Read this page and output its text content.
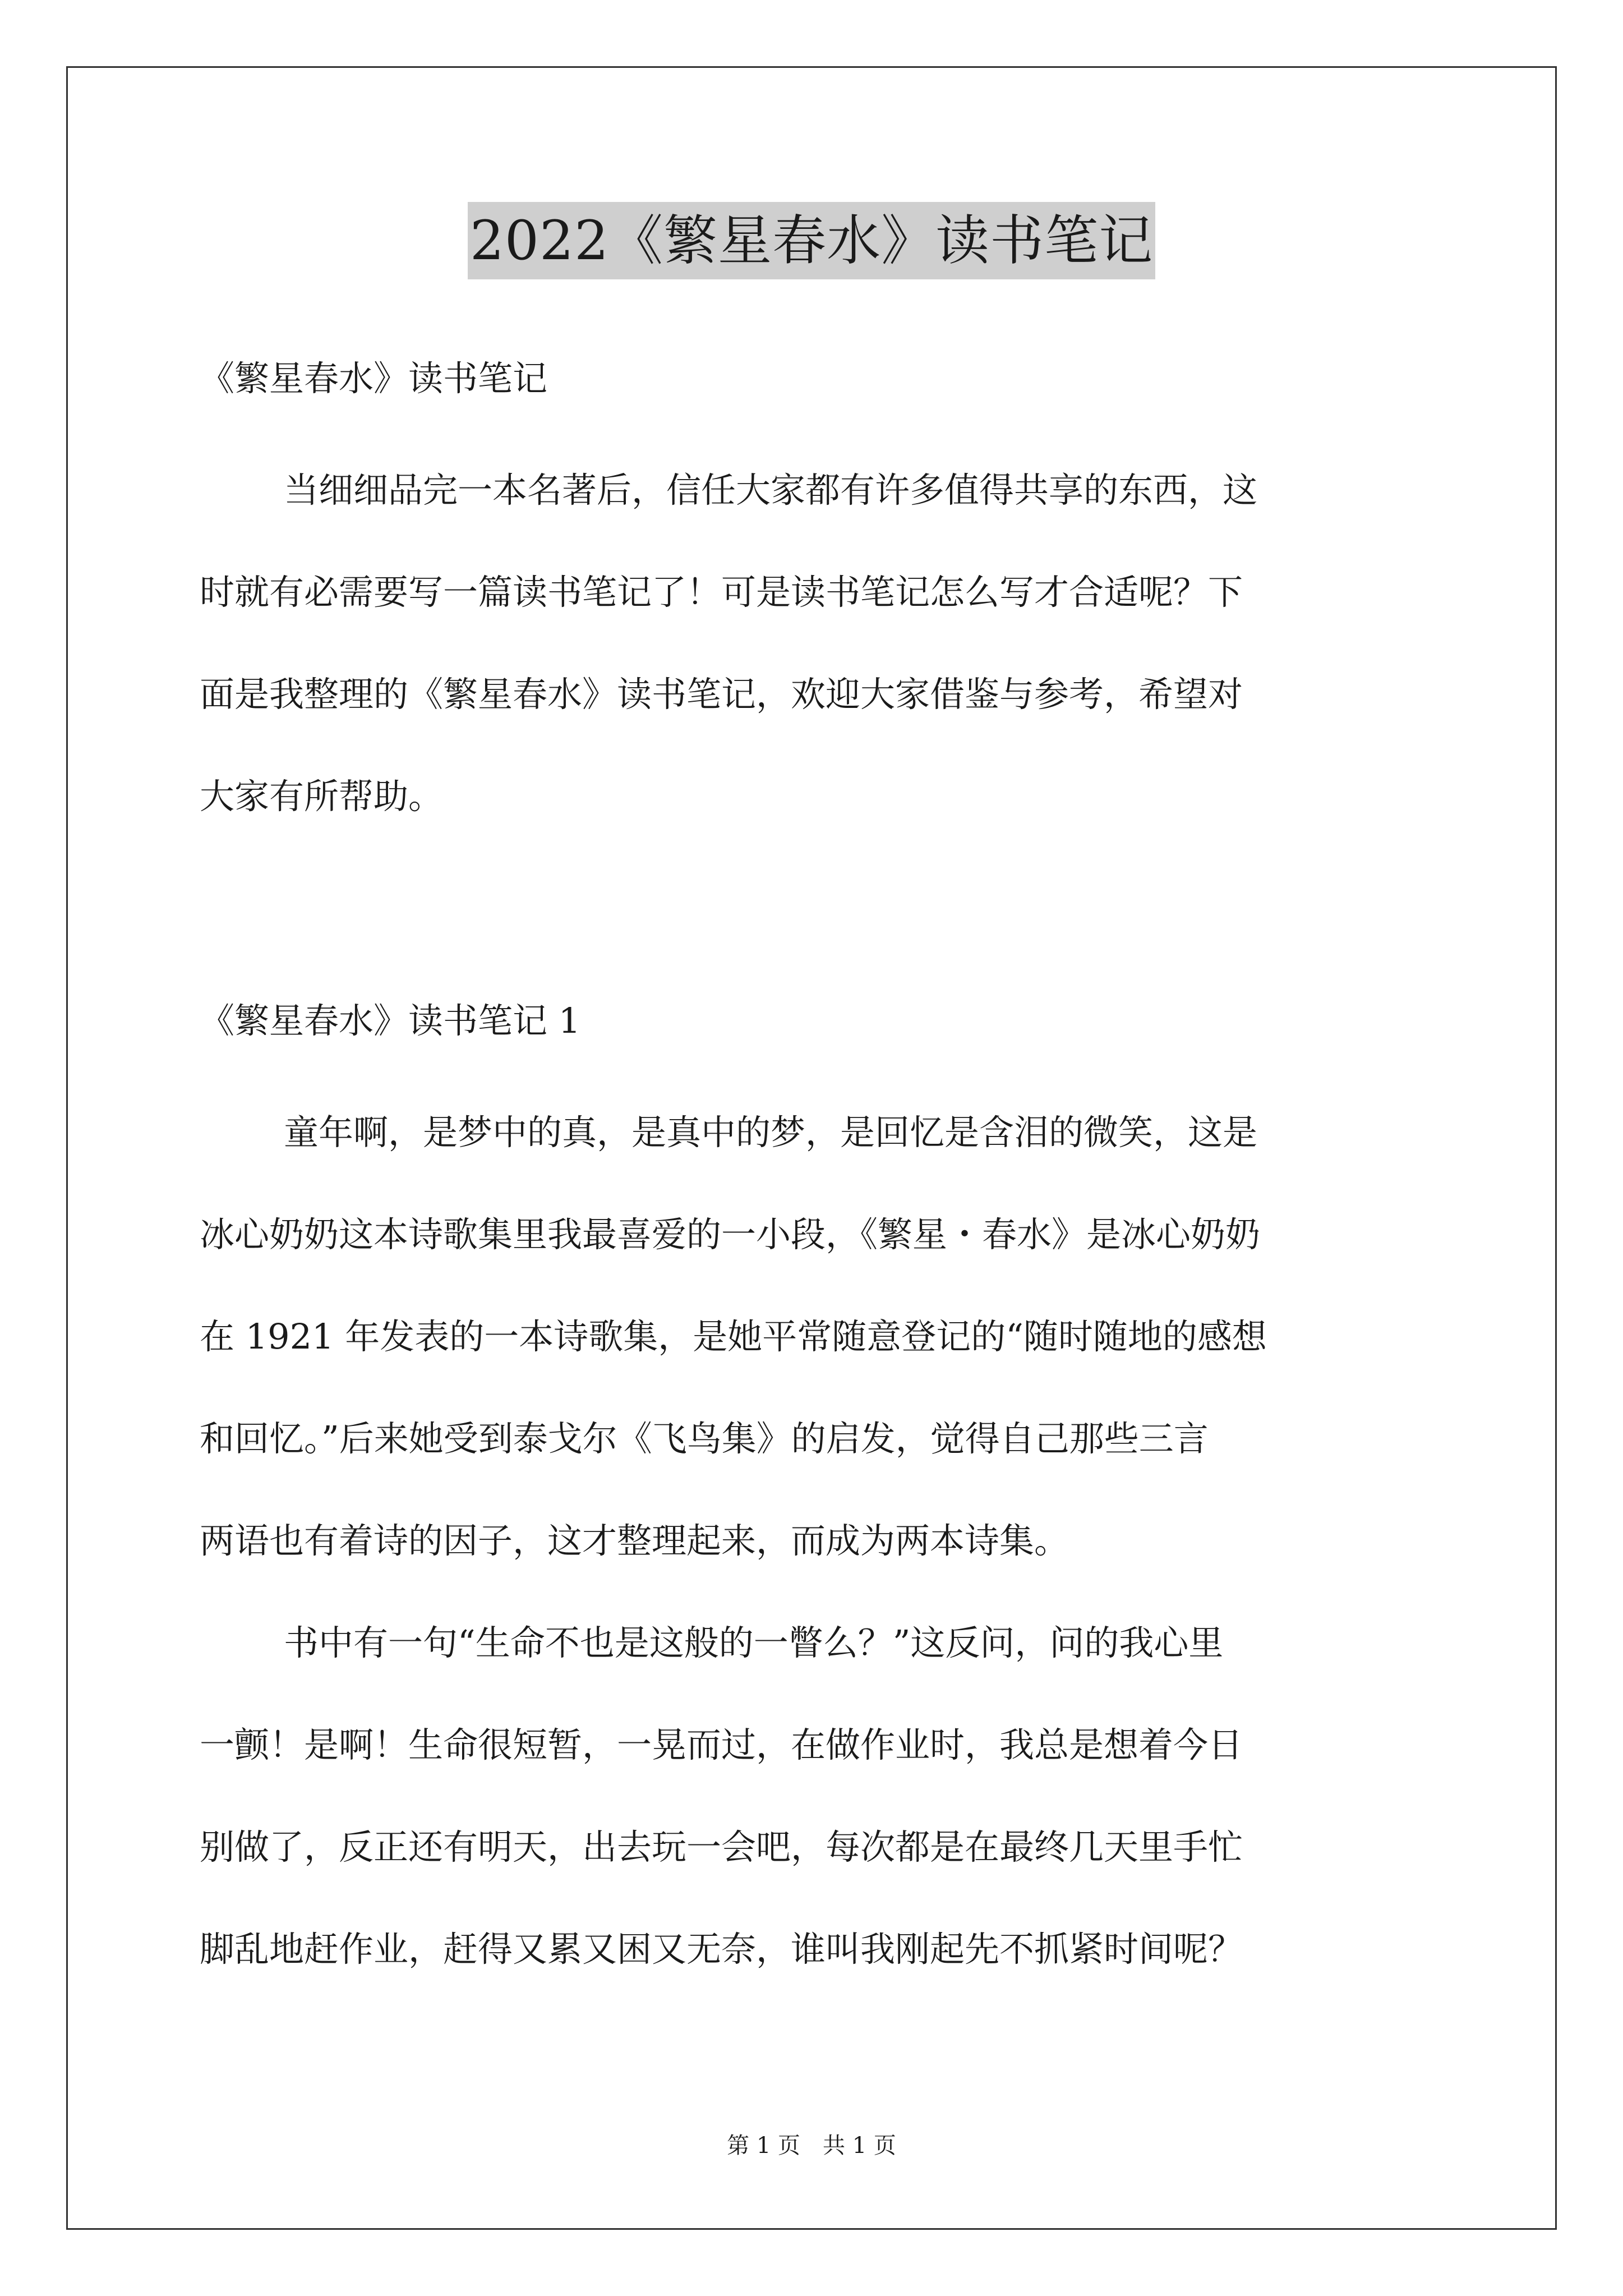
2022《繁星春水》读书笔记
《繁星春水》读书笔记
当细细品完一本名著后，信任大家都有许多值得共享的东西，这
时就有必需要写一篇读书笔记了！可是读书笔记怎么写才合适呢？下
面是我整理的《繁星春水》读书笔记，欢迎大家借鉴与参考，希望对
大家有所帮助。
《繁星春水》读书笔记 1
童年啊，是梦中的真，是真中的梦，是回忆是含泪的微笑，这是
冰心奶奶这本诗歌集里我最喜爱的一小段，《繁星・春水》是冰心奶奶
在 1921 年发表的一本诗歌集，是她平常随意登记的“随时随地的感想
和回忆。”后来她受到泰戈尔《飞鸟集》的启发，觉得自己那些三言
两语也有着诗的因子，这才整理起来，而成为两本诗集。
书中有一句“生命不也是这般的一瞥么？”这反问，问的我心里
一颤！是啊！生命很短暂，一晃而过，在做作业时，我总是想着今日
别做了，反正还有明天，出去玩一会吧，每次都是在最终几天里手忙
脚乱地赶作业，赶得又累又困又无奈，谁叫我刚起先不抓紧时间呢？
第 1 页　共 1 页
